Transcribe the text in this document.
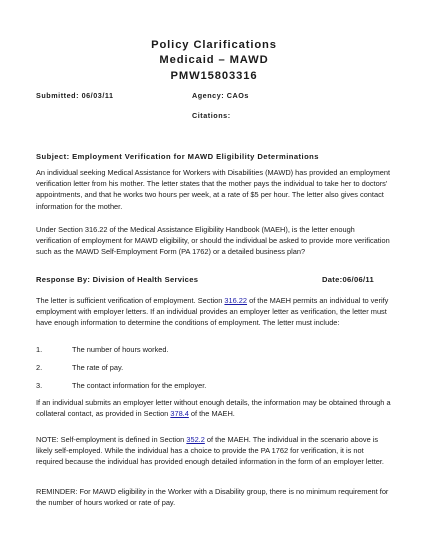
Policy Clarifications
Medicaid – MAWD
PMW15803316
Submitted: 06/03/11	Agency: CAOs
Citations:
Subject: Employment Verification for MAWD Eligibility Determinations
An individual seeking Medical Assistance for Workers with Disabilities (MAWD) has provided an employment verification letter from his mother. The letter states that the mother pays the individual to take her to doctors' appointments, and that he works two hours per week, at a rate of $5 per hour. The letter also gives contact information for the mother.
Under Section 316.22 of the Medical Assistance Eligibility Handbook (MAEH), is the letter enough verification of employment for MAWD eligibility, or should the individual be asked to provide more verification such as the MAWD Self-Employment Form (PA 1762) or a detailed business plan?
Response By: Division of Health Services	Date:06/06/11
The letter is sufficient verification of employment. Section 316.22 of the MAEH permits an individual to verify employment with employer letters. If an individual provides an employer letter as verification, the letter must have enough information to determine the conditions of employment. The letter must include:
1.	The number of hours worked.
2.	The rate of pay.
3.	The contact information for the employer.
If an individual submits an employer letter without enough details, the information may be obtained through a collateral contact, as provided in Section 378.4 of the MAEH.
NOTE: Self-employment is defined in Section 352.2 of the MAEH. The individual in the scenario above is likely self-employed. While the individual has a choice to provide the PA 1762 for verification, it is not required because the individual has provided enough detailed information in the form of an employer letter.
REMINDER: For MAWD eligibility in the Worker with a Disability group, there is no minimum requirement for the number of hours worked or rate of pay.
